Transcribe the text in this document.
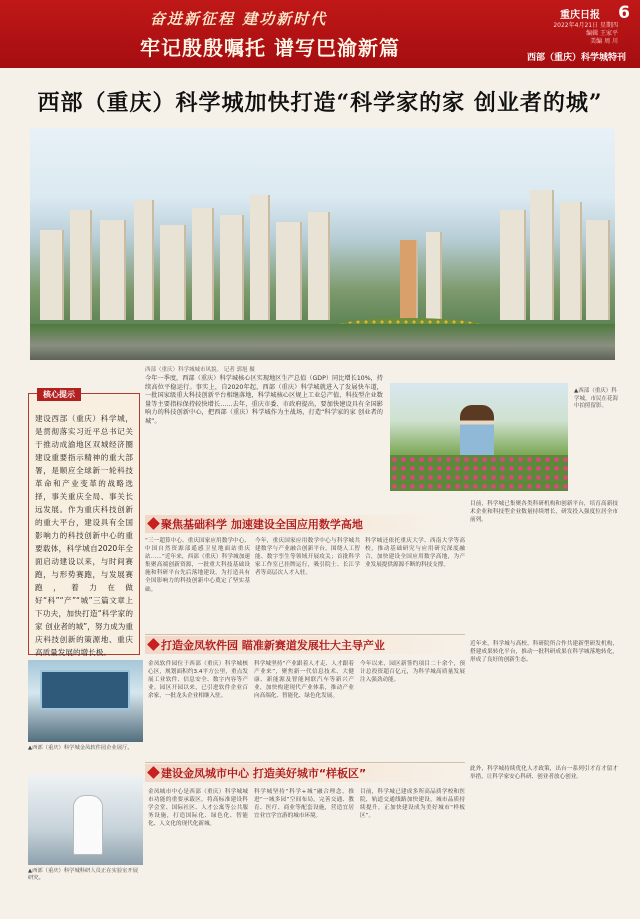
奋进新征程 建功新时代	重庆日报 6
2022年4月21日 星期四
编辑 王家平
美编 周 川
牢记殷殷嘱托 谱写巴渝新篇	西部（重庆）科学城特刊
西部（重庆）科学城加快打造“科学家的家 创业者的城”
西部（重庆）科学城城市风貌。 记者 郭旭 摄
今年一季度，西部（重庆）科学城核心区实现地区生产总值（GDP）同比增长10%，持续高位平稳运行。事实上，自2020年起，西部（重庆）科学城就进入了发展快车道，一批国家级重大科技创新平台相继落地，科学城核心区规上工业总产值、科技型企业数量等主要指标保持较快增长……去年，重庆市委、市政府提出，要加快建设具有全国影响力的科技创新中心，把西部（重庆）科学城作为主战场，打造“科学家的家 创业者的城”。
核心提示

建设西部（重庆）科学城，是贯彻落实习近平总书记关于推动成渝地区双城经济圈建设重要指示精神的重大部署，是顺应全球新一轮科技革命和产业变革的战略选择，事关重庆全局、事关长远发展。作为重庆科技创新的重大平台，建设具有全国影响力的科技创新中心的重要载体，科学城自2020年全面启动建设以来，与时间赛跑，与形势赛跑，与发展赛跑，着力在做好“科”“产”“城”三篇文章上下功夫，加快打造“科学家的家 创业者的城”，努力成为重庆科技创新的策源地、重庆高质量发展的增长极。

▲西部（重庆）科学城，市民在花海中拍照留影。
聚焦基础科学 加速建设全国应用数学高地
“三一超算中心、重庆国家应用数学中心、中国自然资源部遥感卫星地面站重庆站……”近年来，西部（重庆）科学城加速集聚高端创新资源，一批重大科技基础设施和科研平台先后落地建设，为打造具有全国影响力的科技创新中心奠定了坚实基础。
今年，重庆国家应用数学中心与科学城共建数学与产业融合创新平台，围绕人工智能、数字孪生等领域开展攻关；首批科学家工作室已挂牌运行，吸引院士、长江学者等高层次人才入驻。
科学城还依托重庆大学、西南大学等高校，推动基础研究与应用研究深度融合，加快建设全国应用数学高地，为产业发展提供源源不断的科技支撑。
目前，科学城已集聚各类科研机构和创新平台，培育高新技术企业和科技型企业数量持续增长，研发投入强度位居全市前列。
打造金凤软件园 瞄准新赛道发展壮大主导产业
▲西部（重庆）科学城金凤软件园企业展厅。
金凤软件园位于西部（重庆）科学城核心区，规划面积约3.4平方公里，重点发展工业软件、信息安全、数字内容等产业。园区开园以来，已引进软件企业百余家，一批龙头企业相继入驻。
科学城坚持“产业跟着人才走、人才跟着产业来”，聚焦新一代信息技术、大健康、新能源及智能网联汽车等新兴产业，加快构建现代产业体系，推动产业向高端化、智能化、绿色化发展。
今年以来，园区新签约项目二十余个，预计总投资超百亿元，为科学城高质量发展注入强劲动能。
近年来，科学城与高校、科研院所合作共建新型研发机构，搭建成果转化平台，推动一批科研成果在科学城落地转化，形成了良好的创新生态。
建设金凤城市中心 打造美好城市“样板区”
▲西部（重庆）科学城科研人员正在实验室开展研究。
金凤城市中心是西部（重庆）科学城城市功能的重要承载区，将高标准建设科学会堂、国际社区、人才公寓等公共服务设施，打造国际化、绿色化、智能化、人文化的现代化新城。
科学城坚持“科学+城”融合理念，推进“一城多园”空间布局，完善交通、教育、医疗、商业等配套设施，营造宜居宜业宜学宜游的城市环境。
目前，科学城已建成多所高品质学校和医院，轨道交通线路加快建设，城市品质持续提升，正加快建设成为美好城市“样板区”。
此外，科学城持续优化人才政策，出台一系列引才育才留才举措，让科学家安心科研、创业者放心创业。
